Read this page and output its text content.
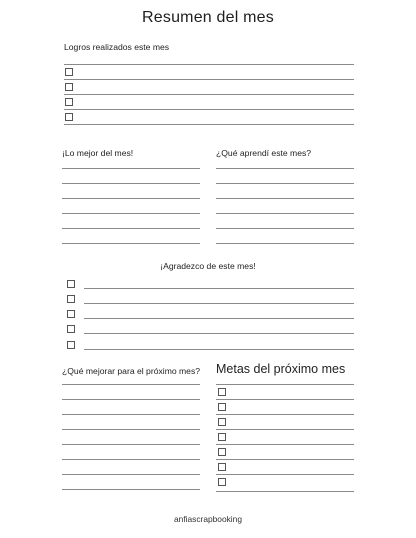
Resumen del mes
Logros realizados este mes
¡Lo mejor del mes!	¿Qué aprendí este mes?
¡Agradezco de este mes!
¿Qué mejorar para el próximo mes? Metas del próximo mes
anfiascrapbooking
